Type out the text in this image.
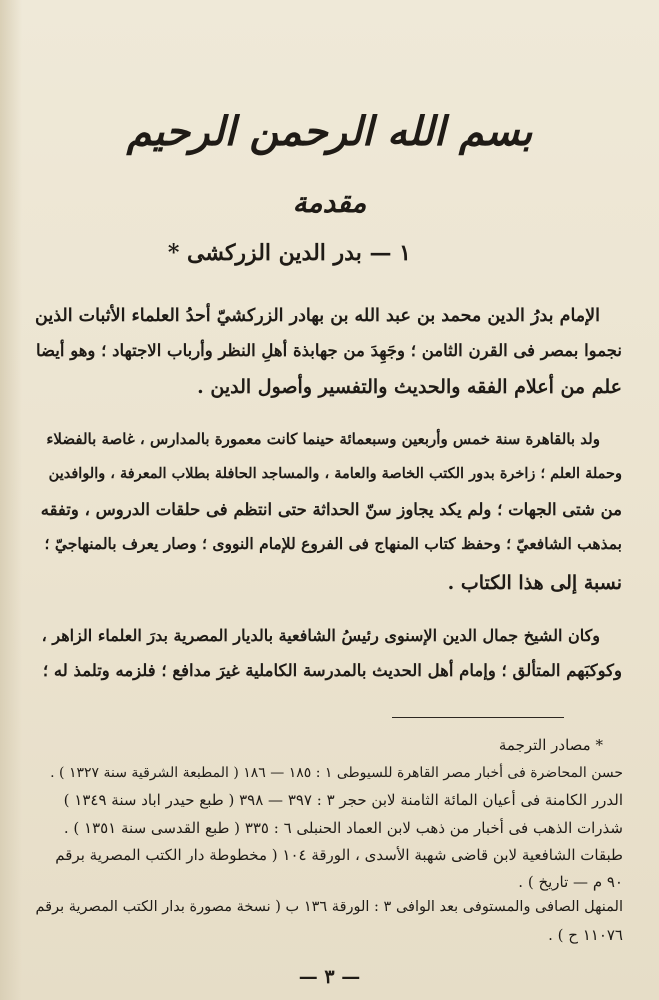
بسم الله الرحمن الرحيم
مقدمة
١ — بدر الدين الزركشى *
الإمام بدرُ الدين محمد بن عبد الله بن بهادر الزركشيّ أحدُ العلماء الأثبات الذين
نجموا بمصر فى القرن الثامن ؛ وجَهِدَ من جهابذة أهلِ النظر وأرباب الاجتهاد ؛ وهو أيضا
علم من أعلام الفقه والحديث والتفسير وأصول الدين .
ولد بالقاهرة سنة خمس وأربعين وسبعمائة حينما كانت معمورة بالمدارس ، غاصة بالفضلاء
وحملة العلم ؛ زاخرة بدور الكتب الخاصة والعامة ، والمساجد الحافلة بطلاب المعرفة ، والوافدين
من شتى الجهات ؛ ولم يكد يجاوز سنّ الحداثة حتى انتظم فى حلقات الدروس ، وتفقه
بمذهب الشافعيّ ؛ وحفظ كتاب المنهاج فى الفروع للإمام النووى ؛ وصار يعرف بالمنهاجيّ ؛
نسبة إلى هذا الكتاب .
وكان الشيخ جمال الدين الإسنوى رئيسُ الشافعية بالديار المصرية بدرَ العلماء الزاهر ،
وكوكبَهم المتألق ؛ وإمام أهل الحديث بالمدرسة الكاملية غيرَ مدافع ؛ فلزمه وتلمذ له ؛
* مصادر الترجمة
حسن المحاضرة فى أخبار مصر القاهرة للسيوطى ١ : ١٨٥ — ١٨٦ ( المطبعة الشرقية سنة ١٣٢٧ ) .
الدرر الكامنة فى أعيان المائة الثامنة لابن حجر ٣ : ٣٩٧ — ٣٩٨ ( طبع حيدر اباد سنة ١٣٤٩ )
شذرات الذهب فى أخبار من ذهب لابن العماد الحنبلى ٦ : ٣٣٥ ( طبع القدسى سنة ١٣٥١ ) .
طبقات الشافعية لابن قاضى شهبة الأسدى ، الورقة ١٠٤ ( مخطوطة دار الكتب المصرية برقم
٩٠ م — تاريخ ) .
المنهل الصافى والمستوفى بعد الوافى ٣ : الورقة ١٣٦ ب ( نسخة مصورة بدار الكتب المصرية برقم
١١٠٧٦ ح ) .
— ٣ —
